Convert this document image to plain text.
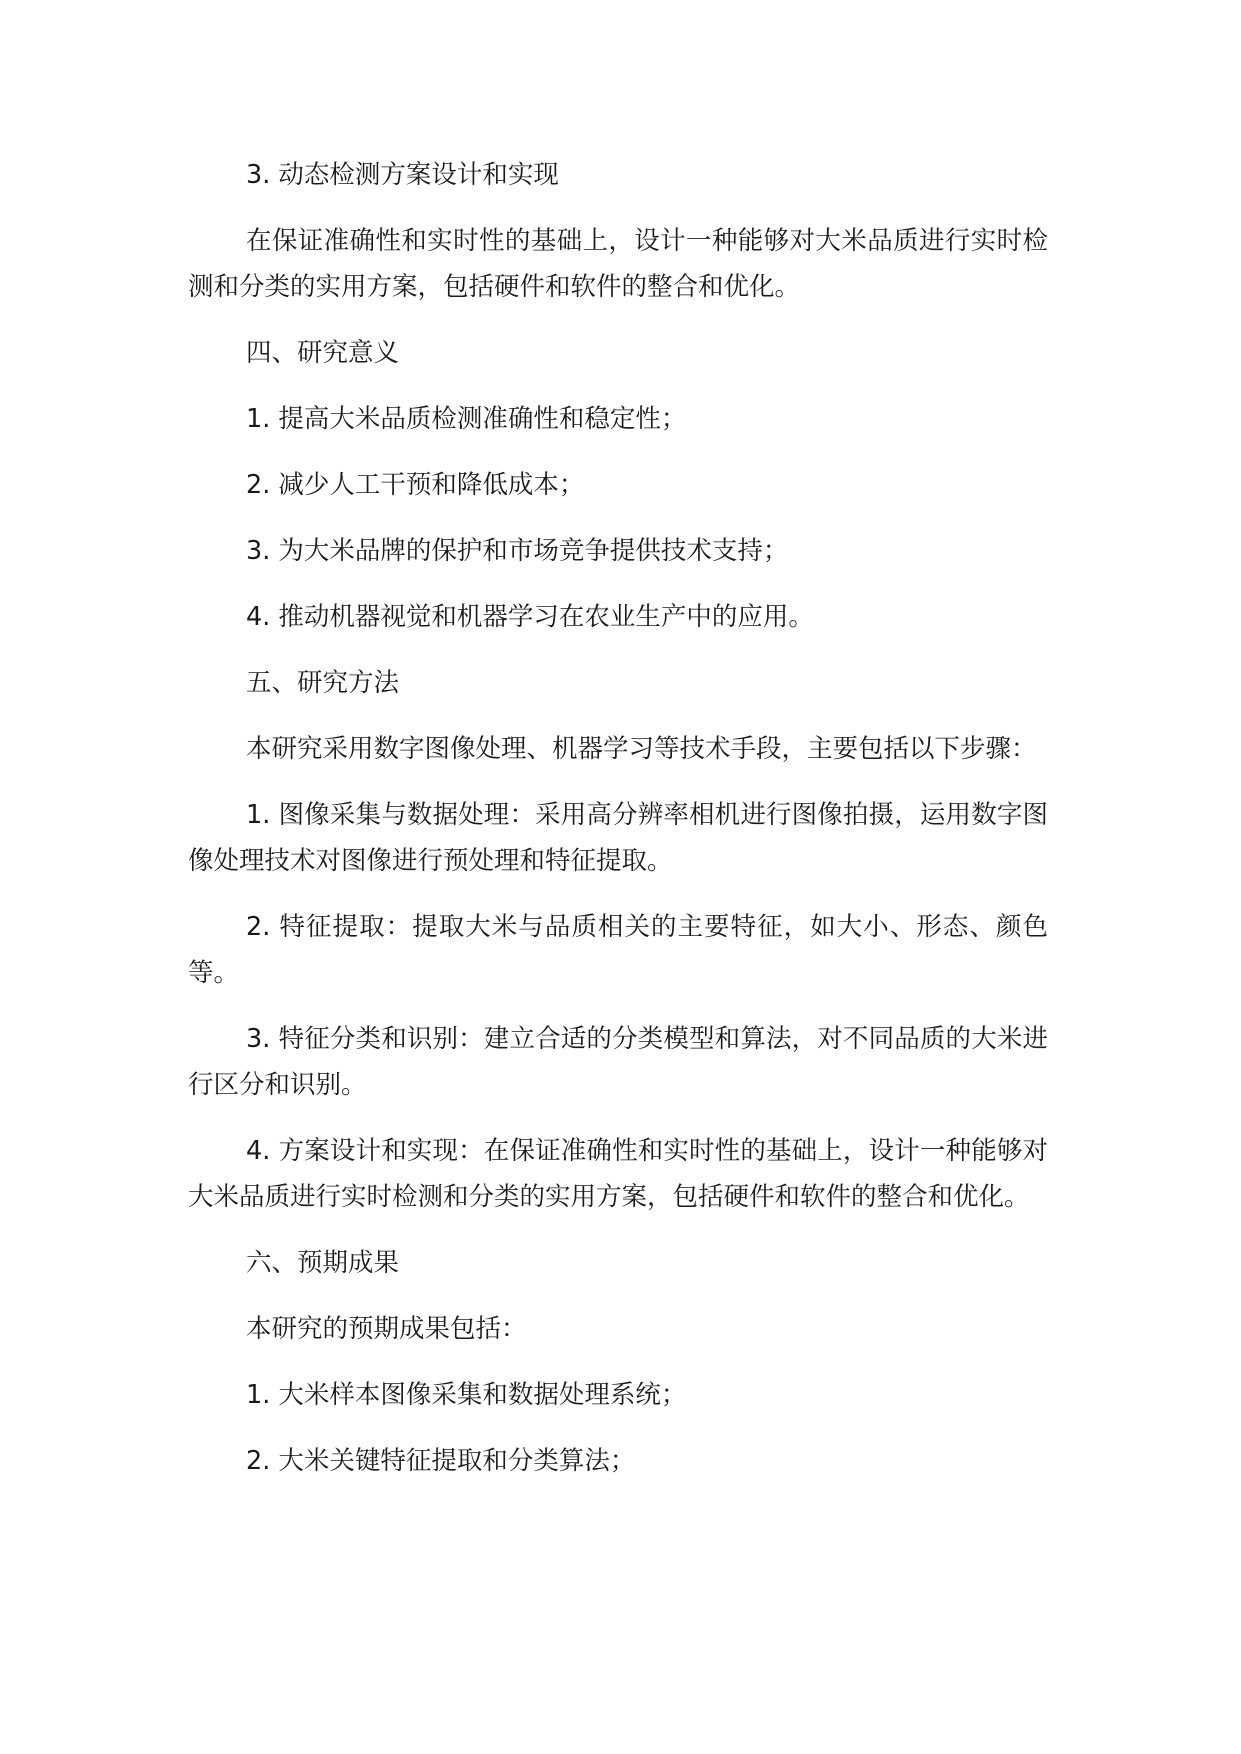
3. 动态检测方案设计和实现

在保证准确性和实时性的基础上，设计一种能够对大米品质进行实时检测和分类的实用方案，包括硬件和软件的整合和优化。

四、研究意义

1. 提高大米品质检测准确性和稳定性；

2. 减少人工干预和降低成本；

3. 为大米品牌的保护和市场竞争提供技术支持；

4. 推动机器视觉和机器学习在农业生产中的应用。

五、研究方法

本研究采用数字图像处理、机器学习等技术手段，主要包括以下步骤：

1. 图像采集与数据处理：采用高分辨率相机进行图像拍摄，运用数字图像处理技术对图像进行预处理和特征提取。

2. 特征提取：提取大米与品质相关的主要特征，如大小、形态、颜色等。

3. 特征分类和识别：建立合适的分类模型和算法，对不同品质的大米进行区分和识别。

4. 方案设计和实现：在保证准确性和实时性的基础上，设计一种能够对大米品质进行实时检测和分类的实用方案，包括硬件和软件的整合和优化。

六、预期成果

本研究的预期成果包括：

1. 大米样本图像采集和数据处理系统；

2. 大米关键特征提取和分类算法；
